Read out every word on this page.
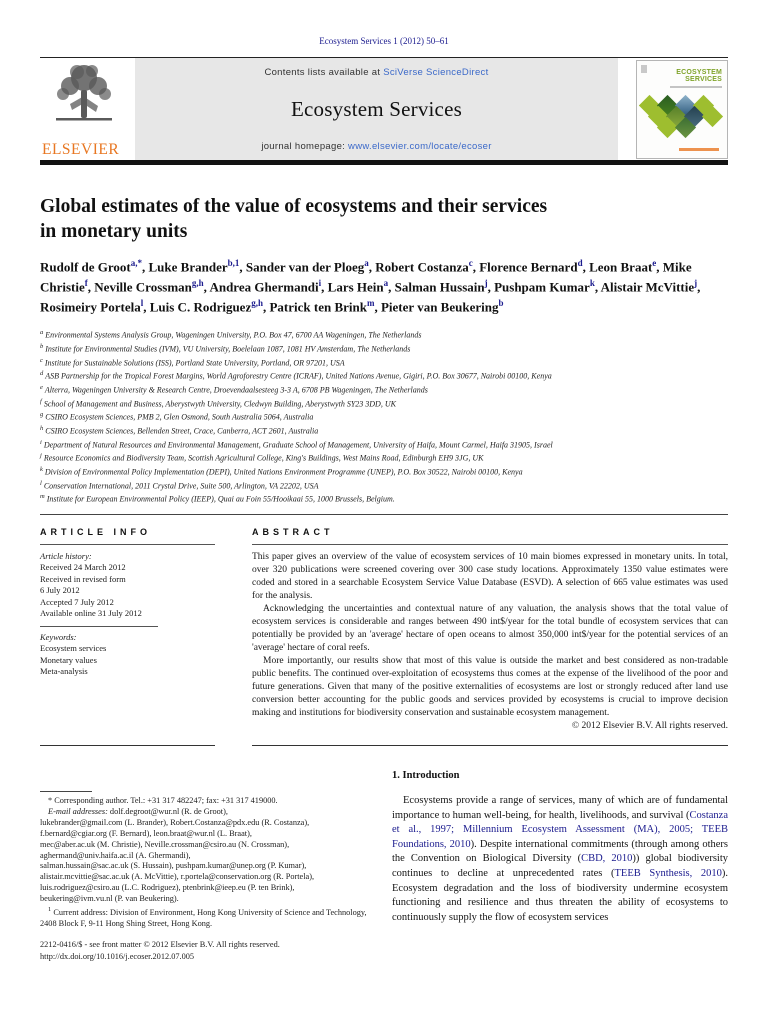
Ecosystem Services 1 (2012) 50–61
ELSEVIER
Contents lists available at SciVerse ScienceDirect
Ecosystem Services
journal homepage: www.elsevier.com/locate/ecoser
ECOSYSTEM SERVICES
Global estimates of the value of ecosystems and their services
in monetary units
Rudolf de Groot$^{a,*}$, Luke Brander$^{b,1}$, Sander van der Ploeg$^a$, Robert Costanza$^c$, Florence Bernard$^d$, Leon Braat$^e$, Mike Christie$^f$, Neville Crossman$^{g,h}$, Andrea Ghermandi$^i$, Lars Hein$^a$, Salman Hussain$^j$, Pushpam Kumar$^k$, Alistair McVittie$^j$, Rosimeiry Portela$^l$, Luis C. Rodriguez$^{g,h}$, Patrick ten Brink$^m$, Pieter van Beukering$^b$
$^a$ Environmental Systems Analysis Group, Wageningen University, P.O. Box 47, 6700 AA Wageningen, The Netherlands
$^b$ Institute for Environmental Studies (IVM), VU University, Boelelaan 1087, 1081 HV Amsterdam, The Netherlands
$^c$ Institute for Sustainable Solutions (ISS), Portland State University, Portland, OR 97201, USA
$^d$ ASB Partnership for the Tropical Forest Margins, World Agroforestry Centre (ICRAF), United Nations Avenue, Gigiri, P.O. Box 30677, Nairobi 00100, Kenya
$^e$ Alterra, Wageningen University & Research Centre, Droevendaalsesteeg 3-3 A, 6708 PB Wageningen, The Netherlands
$^f$ School of Management and Business, Aberystwyth University, Cledwyn Building, Aberystwyth SY23 3DD, UK
$^g$ CSIRO Ecosystem Sciences, PMB 2, Glen Osmond, South Australia 5064, Australia
$^h$ CSIRO Ecosystem Sciences, Bellenden Street, Crace, Canberra, ACT 2601, Australia
$^i$ Department of Natural Resources and Environmental Management, Graduate School of Management, University of Haifa, Mount Carmel, Haifa 31905, Israel
$^j$ Resource Economics and Biodiversity Team, Scottish Agricultural College, King's Buildings, West Mains Road, Edinburgh EH9 3JG, UK
$^k$ Division of Environmental Policy Implementation (DEPI), United Nations Environment Programme (UNEP), P.O. Box 30522, Nairobi 00100, Kenya
$^l$ Conservation International, 2011 Crystal Drive, Suite 500, Arlington, VA 22202, USA
$^m$ Institute for European Environmental Policy (IEEP), Quai au Foin 55/Hooikaai 55, 1000 Brussels, Belgium.
ARTICLE INFO
Article history:
Received 24 March 2012
Received in revised form
6 July 2012
Accepted 7 July 2012
Available online 31 July 2012
Keywords:
Ecosystem services
Monetary values
Meta-analysis
ABSTRACT

This paper gives an overview of the value of ecosystem services of 10 main biomes expressed in monetary units. In total, over 320 publications were screened covering over 300 case study locations. Approximately 1350 value estimates were coded and stored in a searchable Ecosystem Service Value Database (ESVD). A selection of 665 value estimates was used for the analysis.

Acknowledging the uncertainties and contextual nature of any valuation, the analysis shows that the total value of ecosystem services is considerable and ranges between 490 int$/year for the total bundle of ecosystem services that can potentially be provided by an 'average' hectare of open oceans to almost 350,000 int$/year for the potential services of an 'average' hectare of coral reefs.

More importantly, our results show that most of this value is outside the market and best considered as non-tradable public benefits. The continued over-exploitation of ecosystems thus comes at the expense of the livelihood of the poor and future generations. Given that many of the positive externalities of ecosystems are lost or strongly reduced after land use conversion better accounting for the public goods and services provided by ecosystems is crucial to improve decision making and institutions for biodiversity conservation and sustainable ecosystem management.

© 2012 Elsevier B.V. All rights reserved.
1. Introduction

Ecosystems provide a range of services, many of which are of fundamental importance to human well-being, for health, livelihoods, and survival (Costanza et al., 1997; Millennium Ecosystem Assessment (MA), 2005; TEEB Foundations, 2010). Despite international commitments (through among others the Convention on Biological Diversity (CBD, 2010)) global biodiversity continues to decline at unprecedented rates (TEEB Synthesis, 2010). Ecosystem degradation and the loss of biodiversity undermine ecosystem functioning and resilience and thus threaten the ability of ecosystems to continuously supply the flow of ecosystem services

* Corresponding author. Tel.: +31 317 482247; fax: +31 317 419000.
E-mail addresses: dolf.degroot@wur.nl (R. de Groot),
lukebrander@gmail.com (L. Brander), Robert.Costanza@pdx.edu (R. Costanza),
f.bernard@cgiar.org (F. Bernard), leon.braat@wur.nl (L. Braat),
mec@aber.ac.uk (M. Christie), Neville.crossman@csiro.au (N. Crossman),
aghermand@univ.haifa.ac.il (A. Ghermandi),
salman.hussain@sac.ac.uk (S. Hussain), pushpam.kumar@unep.org (P. Kumar),
alistair.mcvittie@sac.ac.uk (A. McVittie), r.portela@conservation.org (R. Portela),
luis.rodriguez@csiro.au (L.C. Rodriguez), ptenbrink@ieep.eu (P. ten Brink),
beukering@ivm.vu.nl (P. van Beukering).
$^1$ Current address: Division of Environment, Hong Kong University of Science and Technology, 2408 Block F, 9-11 Hong Shing Street, Hong Kong.
2212-0416/$ - see front matter © 2012 Elsevier B.V. All rights reserved.
http://dx.doi.org/10.1016/j.ecoser.2012.07.005
